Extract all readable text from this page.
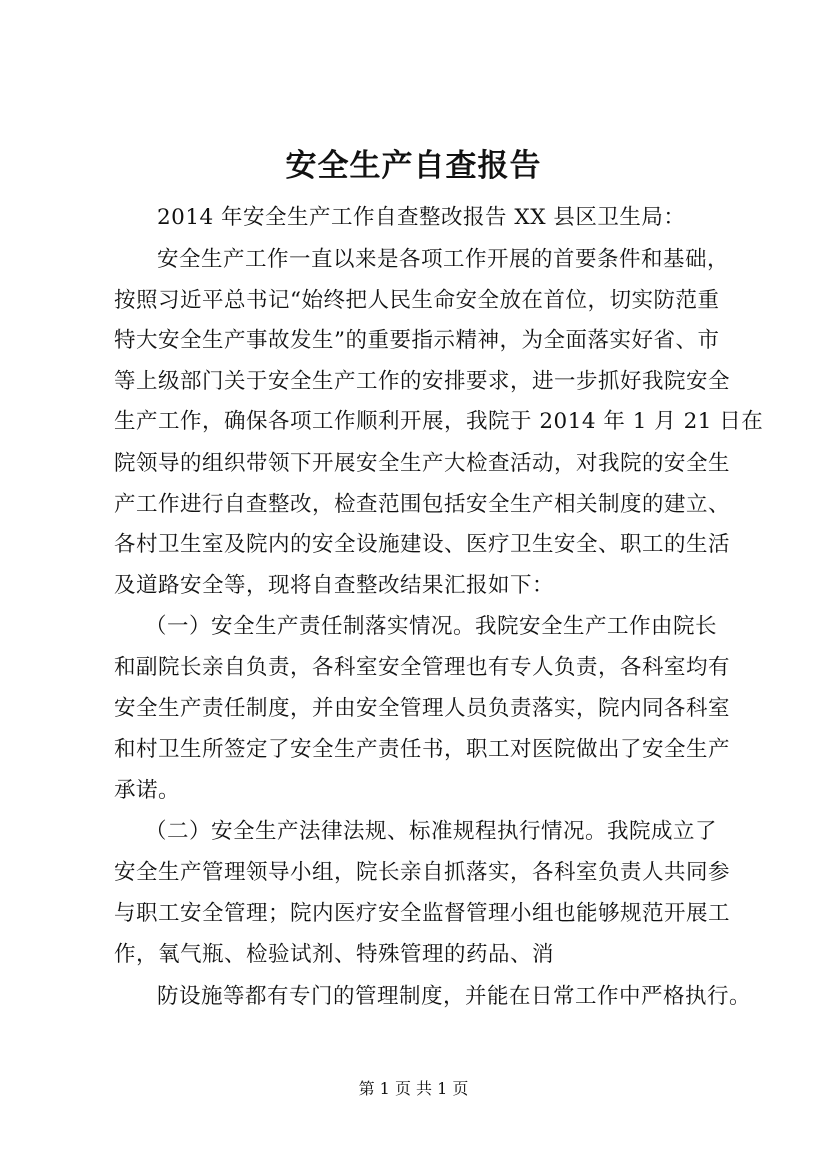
安全生产自查报告
2014 年安全生产工作自查整改报告 XX 县区卫生局：
安全生产工作一直以来是各项工作开展的首要条件和基础，
按照习近平总书记“始终把人民生命安全放在首位，切实防范重
特大安全生产事故发生”的重要指示精神，为全面落实好省、市
等上级部门关于安全生产工作的安排要求，进一步抓好我院安全
生产工作，确保各项工作顺利开展，我院于 2014 年 1 月 21 日在
院领导的组织带领下开展安全生产大检查活动，对我院的安全生
产工作进行自查整改，检查范围包括安全生产相关制度的建立、
各村卫生室及院内的安全设施建设、医疗卫生安全、职工的生活
及道路安全等，现将自查整改结果汇报如下：
（一）安全生产责任制落实情况。我院安全生产工作由院长
和副院长亲自负责，各科室安全管理也有专人负责，各科室均有
安全生产责任制度，并由安全管理人员负责落实，院内同各科室
和村卫生所签定了安全生产责任书，职工对医院做出了安全生产
承诺。
（二）安全生产法律法规、标准规程执行情况。我院成立了
安全生产管理领导小组，院长亲自抓落实，各科室负责人共同参
与职工安全管理；院内医疗安全监督管理小组也能够规范开展工
作，氧气瓶、检验试剂、特殊管理的药品、消
防设施等都有专门的管理制度，并能在日常工作中严格执行。
第 1 页 共 1 页
